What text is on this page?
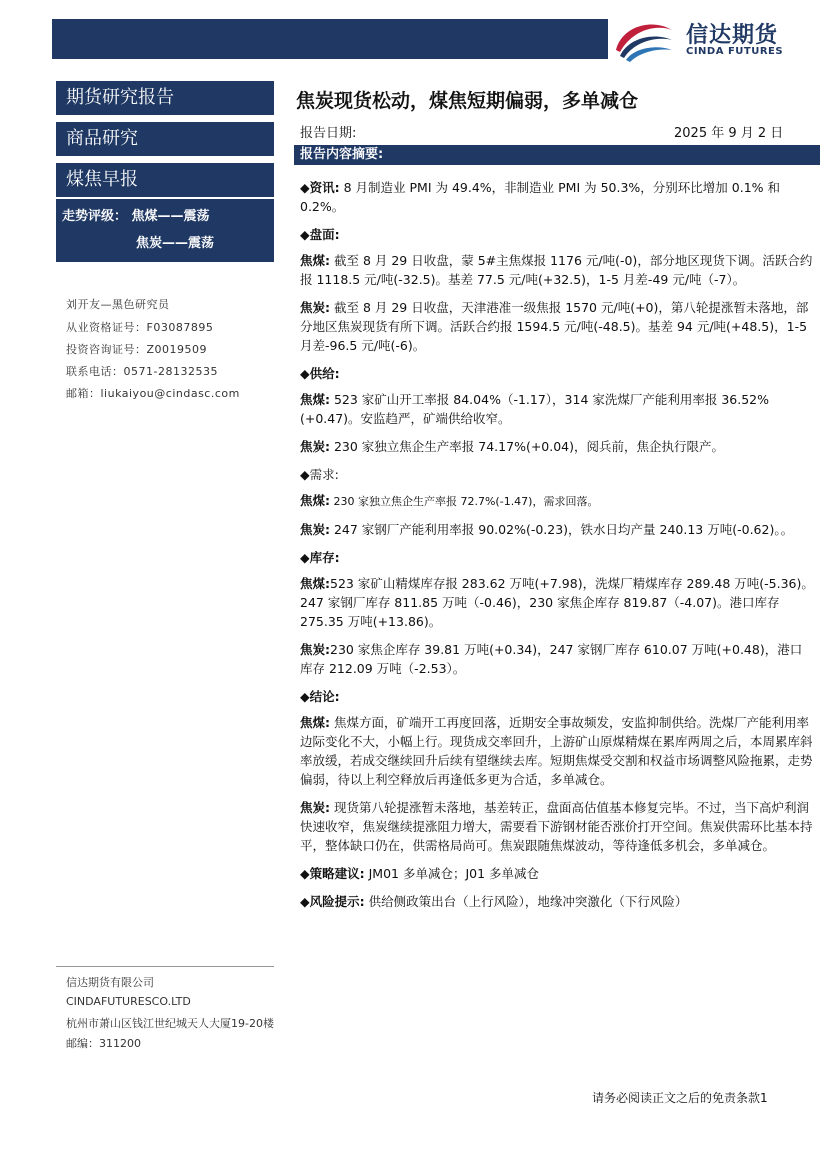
信达期货
CINDA FUTURES
期货研究报告
商品研究
煤焦早报
走势评级： 焦煤——震荡
焦炭——震荡
刘开友—黑色研究员
从业资格证号：F03087895
投资咨询证号：Z0019509
联系电话：0571-28132535
邮箱：liukaiyou@cindasc.com
信达期货有限公司
CINDAFUTURESCO.LTD
杭州市萧山区钱江世纪城天人大厦19-20楼
邮编：311200
焦炭现货松动，煤焦短期偏弱，多单减仓
报告日期:	2025 年 9 月 2 日
报告内容摘要:

◆资讯: 8 月制造业 PMI 为 49.4%，非制造业 PMI 为 50.3%，分别环比增加 0.1% 和 0.2%。

◆盘面:

焦煤: 截至 8 月 29 日收盘，蒙 5#主焦煤报 1176 元/吨(-0)，部分地区现货下调。活跃合约报 1118.5 元/吨(-32.5)。基差 77.5 元/吨(+32.5)，1-5 月差-49 元/吨（-7）。

焦炭: 截至 8 月 29 日收盘，天津港准一级焦报 1570 元/吨(+0)，第八轮提涨暂未落地，部分地区焦炭现货有所下调。活跃合约报 1594.5 元/吨(-48.5)。基差 94 元/吨(+48.5)，1-5 月差-96.5 元/吨(-6)。

◆供给:

焦煤: 523 家矿山开工率报 84.04%（-1.17），314 家洗煤厂产能利用率报 36.52%(+0.47)。安监趋严，矿端供给收窄。

焦炭: 230 家独立焦企生产率报 74.17%(+0.04)，阅兵前，焦企执行限产。

◆需求:

焦煤: 230 家独立焦企生产率报 72.7%(-1.47)，需求回落。

焦炭: 247 家钢厂产能利用率报 90.02%(-0.23)，铁水日均产量 240.13 万吨(-0.62)。。

◆库存:

焦煤:523 家矿山精煤库存报 283.62 万吨(+7.98)，洗煤厂精煤库存 289.48 万吨(-5.36)。247 家钢厂库存 811.85 万吨（-0.46)，230 家焦企库存 819.87（-4.07)。港口库存 275.35 万吨(+13.86)。

焦炭:230 家焦企库存 39.81 万吨(+0.34)，247 家钢厂库存 610.07 万吨(+0.48)，港口库存 212.09 万吨（-2.53）。

◆结论:

焦煤: 焦煤方面，矿端开工再度回落，近期安全事故频发，安监抑制供给。洗煤厂产能利用率边际变化不大，小幅上行。现货成交率回升，上游矿山原煤精煤在累库两周之后，本周累库斜率放缓，若成交继续回升后续有望继续去库。短期焦煤受交割和权益市场调整风险拖累，走势偏弱，待以上利空释放后再逢低多更为合适，多单减仓。

焦炭: 现货第八轮提涨暂未落地，基差转正，盘面高估值基本修复完毕。不过，当下高炉利润快速收窄，焦炭继续提涨阻力增大，需要看下游钢材能否涨价打开空间。焦炭供需环比基本持平，整体缺口仍在，供需格局尚可。焦炭跟随焦煤波动，等待逢低多机会，多单减仓。

◆策略建议: JM01 多单减仓；J01 多单减仓

◆风险提示: 供给侧政策出台（上行风险），地缘冲突激化（下行风险）

请务必阅读正文之后的免责条款1
